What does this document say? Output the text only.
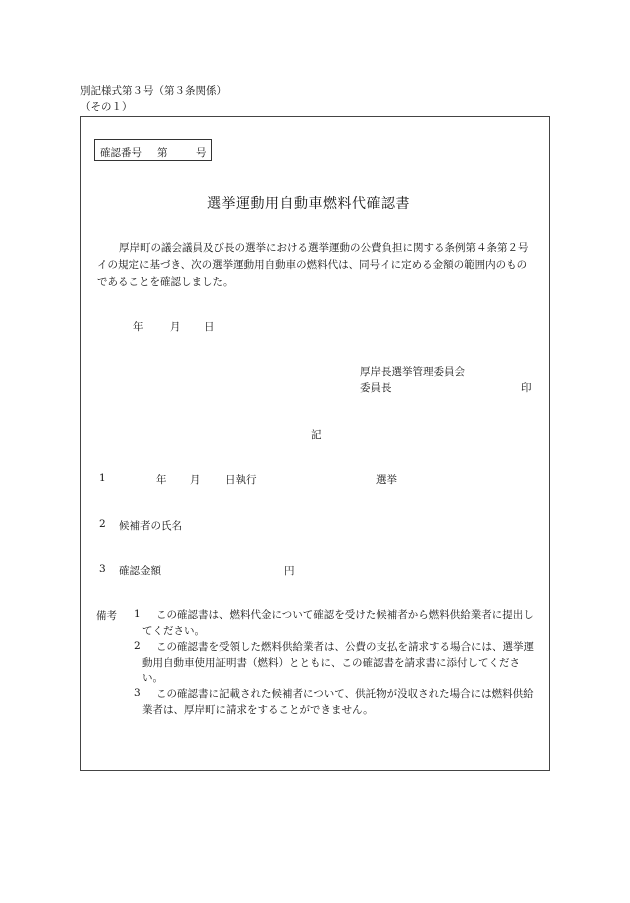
別記様式第３号（第３条関係）
（その１）
確認番号 第	号
選挙運動用自動車燃料代確認書
厚岸町の議会議員及び長の選挙における選挙運動の公費負担に関する条例第４条第２号イの規定に基づき、次の選挙運動用自動車の燃料代は、同号イに定める金額の範囲内のものであることを確認しました。
年	月 日
厚岸長選挙管理委員会
委員長	印
記
1	年 月 日執行	選挙
2 候補者の氏名
3 確認金額	円
備考 1	この確認書は、燃料代金について確認を受けた候補者から燃料供給業者に提出してください。
2	この確認書を受領した燃料供給業者は、公費の支払を請求する場合には、選挙運動用自動車使用証明書（燃料）とともに、この確認書を請求書に添付してください。
3	この確認書に記載された候補者について、供託物が没収された場合には燃料供給業者は、厚岸町に請求をすることができません。
